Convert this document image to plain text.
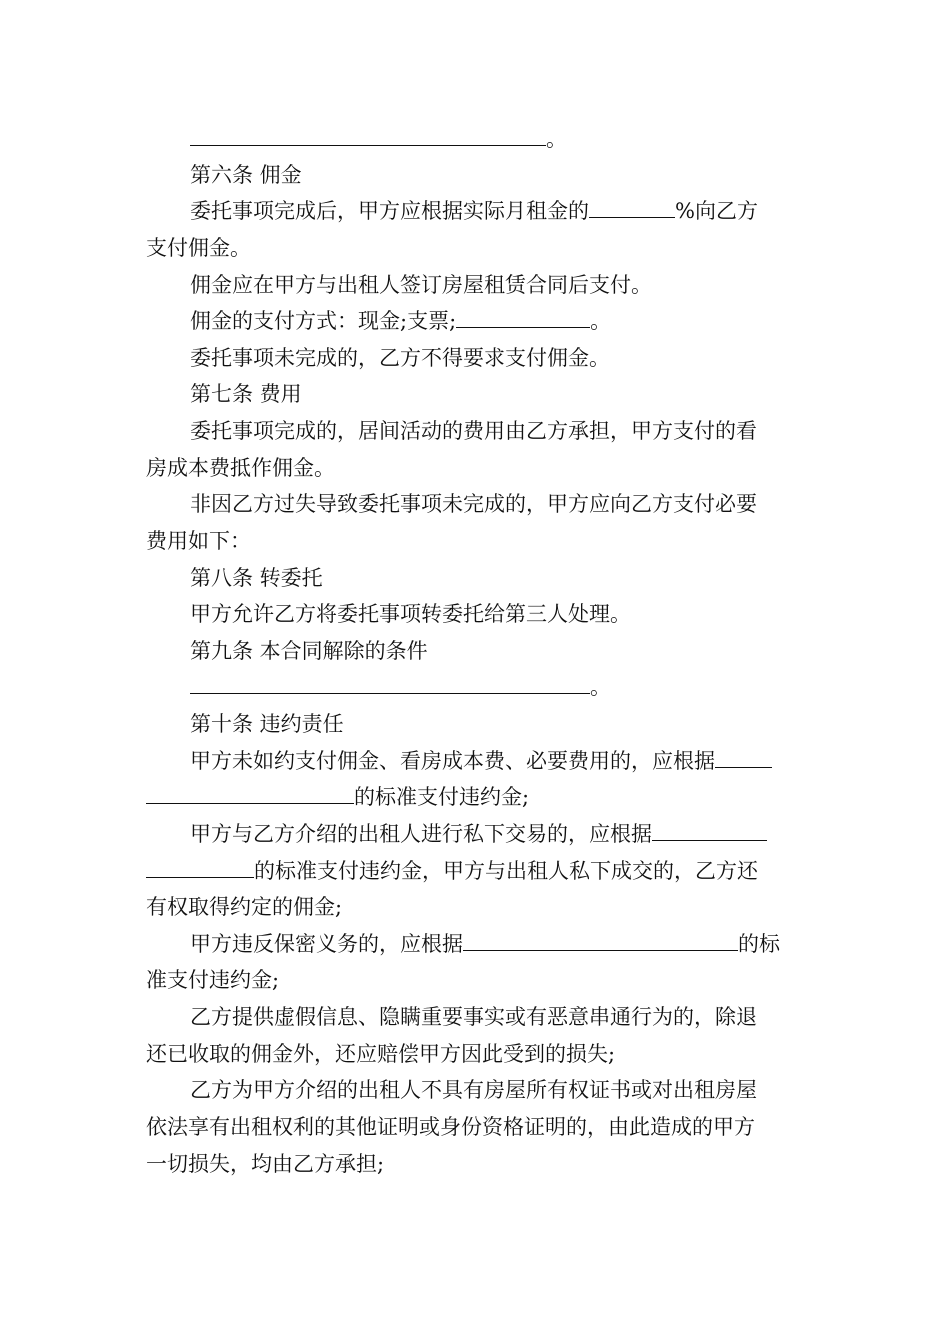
。
第六条 佣金
委托事项完成后，甲方应根据实际月租金的	%向乙方
支付佣金。
佣金应在甲方与出租人签订房屋租赁合同后支付。
佣金的支付方式：现金;支票;	。
委托事项未完成的，乙方不得要求支付佣金。
第七条 费用
委托事项完成的，居间活动的费用由乙方承担，甲方支付的看
房成本费抵作佣金。
非因乙方过失导致委托事项未完成的，甲方应向乙方支付必要
费用如下：
第八条 转委托
甲方允许乙方将委托事项转委托给第三人处理。
第九条 本合同解除的条件
。
第十条 违约责任
甲方未如约支付佣金、看房成本费、必要费用的，应根据
的标准支付违约金;
甲方与乙方介绍的出租人进行私下交易的，应根据
的标准支付违约金，甲方与出租人私下成交的，乙方还
有权取得约定的佣金;
甲方违反保密义务的，应根据	的标
准支付违约金;
乙方提供虚假信息、隐瞒重要事实或有恶意串通行为的，除退
还已收取的佣金外，还应赔偿甲方因此受到的损失;
乙方为甲方介绍的出租人不具有房屋所有权证书或对出租房屋
依法享有出租权利的其他证明或身份资格证明的，由此造成的甲方
一切损失，均由乙方承担;
